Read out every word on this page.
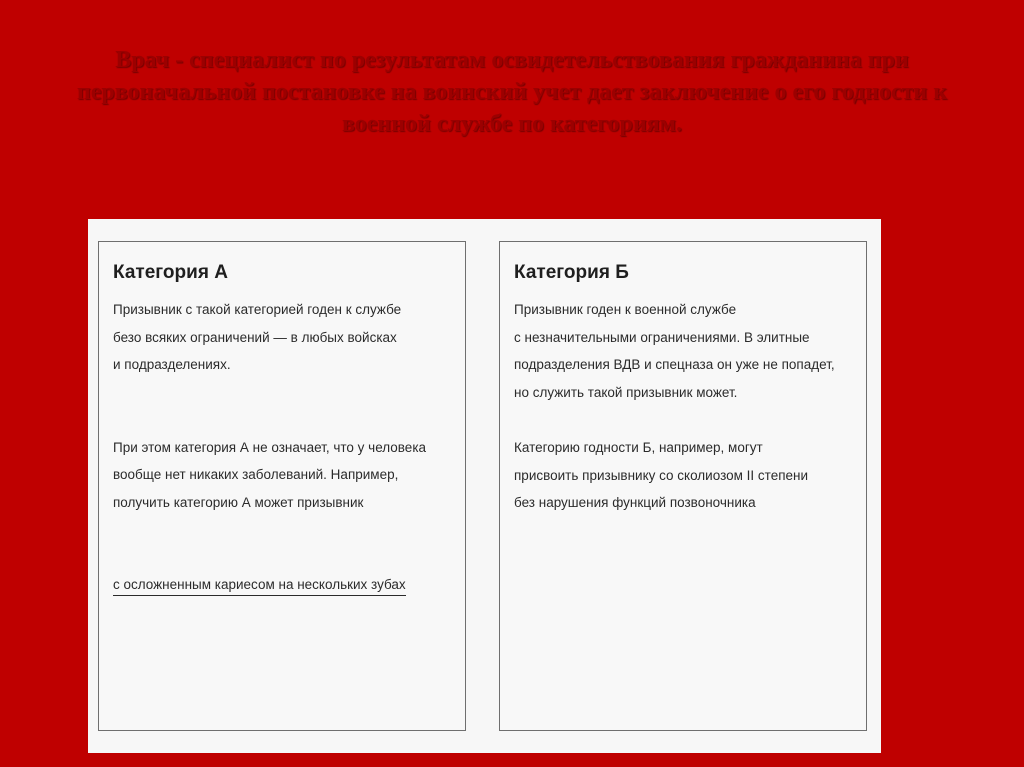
Врач - специалист по результатам освидетельствования гражданина при первоначальной постановке на воинский учет дает заключение о его годности к военной службе по категориям.
Категория А

Призывник с такой категорией годен к службе
безо всяких ограничений — в любых войсках
и подразделениях.

При этом категория А не означает, что у человека
вообще нет никаких заболеваний. Например,
получить категорию А может призывник

с осложненным кариесом на нескольких зубах

Категория Б

Призывник годен к военной службе
с незначительными ограничениями. В элитные
подразделения ВДВ и спецназа он уже не попадет,
но служить такой призывник может.

Категорию годности Б, например, могут
присвоить призывнику со сколиозом II степени
без нарушения функций позвоночника
